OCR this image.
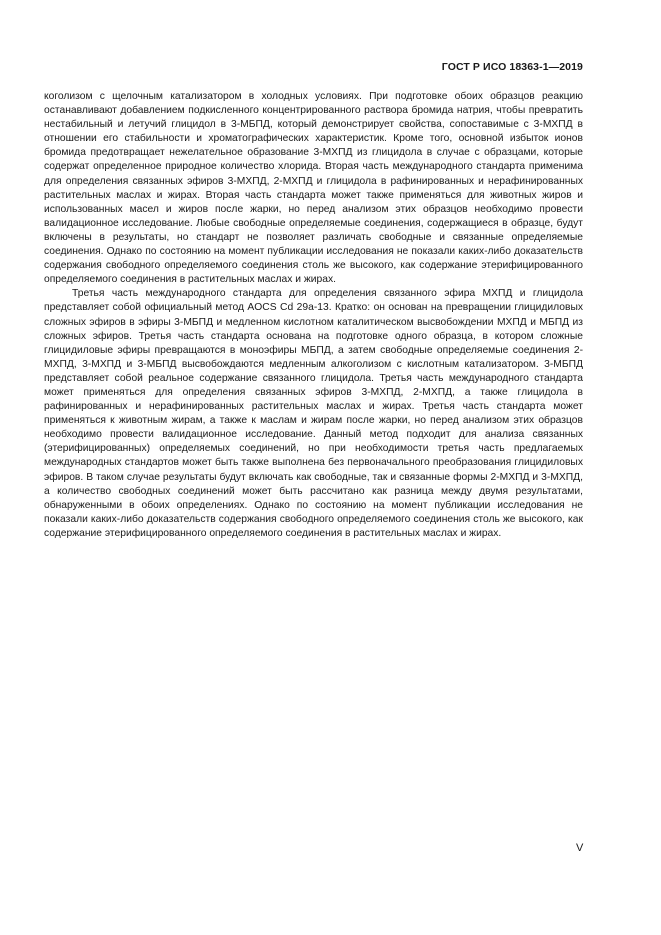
ГОСТ Р ИСО 18363-1—2019

коголизом с щелочным катализатором в холодных условиях. При подготовке обоих образцов реакцию останавливают добавлением подкисленного концентрированного раствора бромида натрия, чтобы превратить нестабильный и летучий глицидол в 3-МБПД, который демонстрирует свойства, сопоставимые с 3-МХПД в отношении его стабильности и хроматографических характеристик. Кроме того, основной избыток ионов бромида предотвращает нежелательное образование 3-МХПД из глицидола в случае с образцами, которые содержат определенное природное количество хлорида. Вторая часть международного стандарта применима для определения связанных эфиров 3-МХПД, 2-МХПД и глицидола в рафинированных и нерафинированных растительных маслах и жирах. Вторая часть стандарта может также применяться для животных жиров и использованных масел и жиров после жарки, но перед анализом этих образцов необходимо провести валидационное исследование. Любые свободные определяемые соединения, содержащиеся в образце, будут включены в результаты, но стандарт не позволяет различать свободные и связанные определяемые соединения. Однако по состоянию на момент публикации исследования не показали каких-либо доказательств содержания свободного определяемого соединения столь же высокого, как содержание этерифицированного определяемого соединения в растительных маслах и жирах.

Третья часть международного стандарта для определения связанного эфира МХПД и глицидола представляет собой официальный метод AOCS Cd 29a-13. Кратко: он основан на превращении глицидиловых сложных эфиров в эфиры 3-МБПД и медленном кислотном каталитическом высвобождении МХПД и МБПД из сложных эфиров. Третья часть стандарта основана на подготовке одного образца, в котором сложные глицидиловые эфиры превращаются в моноэфиры МБПД, а затем свободные определяемые соединения 2-МХПД, 3-МХПД и 3-МБПД высвобождаются медленным алкоголизом с кислотным катализатором. 3-МБПД представляет собой реальное содержание связанного глицидола. Третья часть международного стандарта может применяться для определения связанных эфиров 3-МХПД, 2-МХПД, а также глицидола в рафинированных и нерафинированных растительных маслах и жирах. Третья часть стандарта может применяться к животным жирам, а также к маслам и жирам после жарки, но перед анализом этих образцов необходимо провести валидационное исследование. Данный метод подходит для анализа связанных (этерифицированных) определяемых соединений, но при необходимости третья часть предлагаемых международных стандартов может быть также выполнена без первоначального преобразования глицидиловых эфиров. В таком случае результаты будут включать как свободные, так и связанные формы 2-МХПД и 3-МХПД, а количество свободных соединений может быть рассчитано как разница между двумя результатами, обнаруженными в обоих определениях. Однако по состоянию на момент публикации исследования не показали каких-либо доказательств содержания свободного определяемого соединения столь же высокого, как содержание этерифицированного определяемого соединения в растительных маслах и жирах.

V
